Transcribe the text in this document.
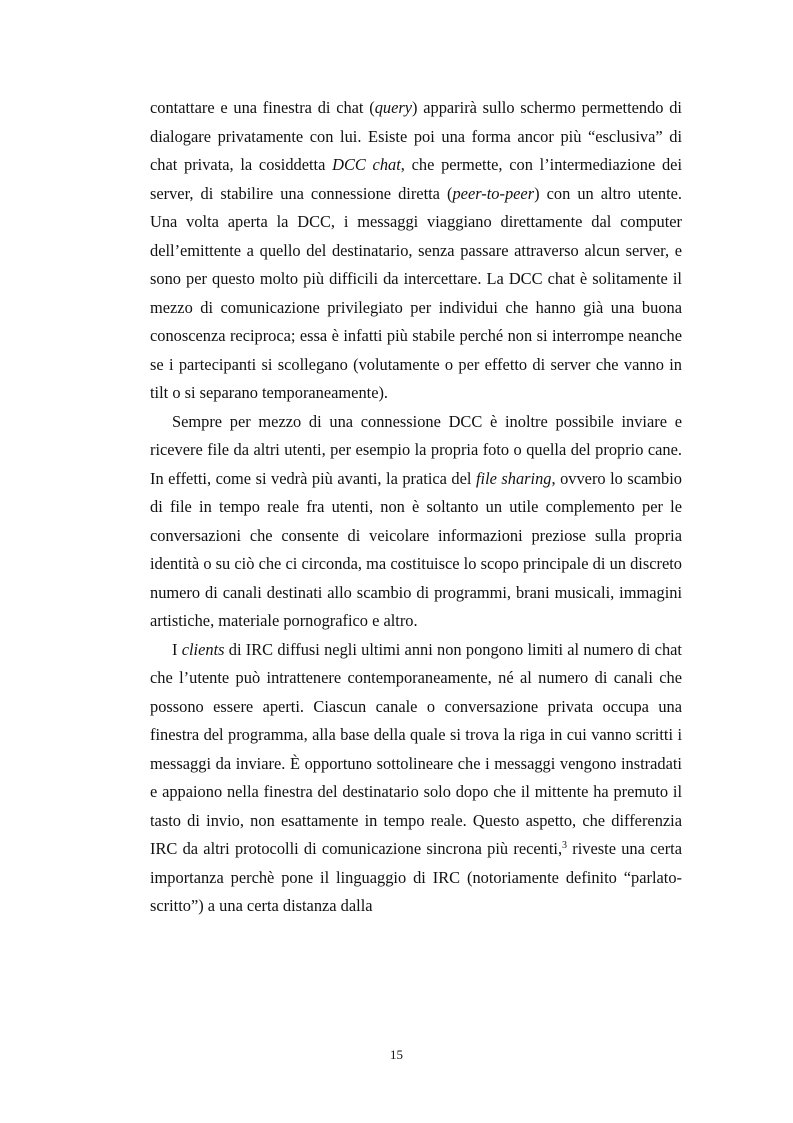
contattare e una finestra di chat (query) apparirà sullo schermo permettendo di dialogare privatamente con lui. Esiste poi una forma ancor più “esclusiva” di chat privata, la cosiddetta DCC chat, che permette, con l’intermediazione dei server, di stabilire una connessione diretta (peer-to-peer) con un altro utente. Una volta aperta la DCC, i messaggi viaggiano direttamente dal computer dell’emittente a quello del destinatario, senza passare attraverso alcun server, e sono per questo molto più difficili da intercettare. La DCC chat è solitamente il mezzo di comunicazione privilegiato per individui che hanno già una buona conoscenza reciproca; essa è infatti più stabile perché non si interrompe neanche se i partecipanti si scollegano (volutamente o per effetto di server che vanno in tilt o si separano temporaneamente).

Sempre per mezzo di una connessione DCC è inoltre possibile inviare e ricevere file da altri utenti, per esempio la propria foto o quella del proprio cane. In effetti, come si vedrà più avanti, la pratica del file sharing, ovvero lo scambio di file in tempo reale fra utenti, non è soltanto un utile complemento per le conversazioni che consente di veicolare informazioni preziose sulla propria identità o su ciò che ci circonda, ma costituisce lo scopo principale di un discreto numero di canali destinati allo scambio di programmi, brani musicali, immagini artistiche, materiale pornografico e altro.

I clients di IRC diffusi negli ultimi anni non pongono limiti al numero di chat che l’utente può intrattenere contemporaneamente, né al numero di canali che possono essere aperti. Ciascun canale o conversazione privata occupa una finestra del programma, alla base della quale si trova la riga in cui vanno scritti i messaggi da inviare. È opportuno sottolineare che i messaggi vengono instradati e appaiono nella finestra del destinatario solo dopo che il mittente ha premuto il tasto di invio, non esattamente in tempo reale. Questo aspetto, che differenzia IRC da altri protocolli di comunicazione sincrona più recenti,$^3$ riveste una certa importanza perchè pone il linguaggio di IRC (notoriamente definito “parlato-scritto”) a una certa distanza dalla

15
